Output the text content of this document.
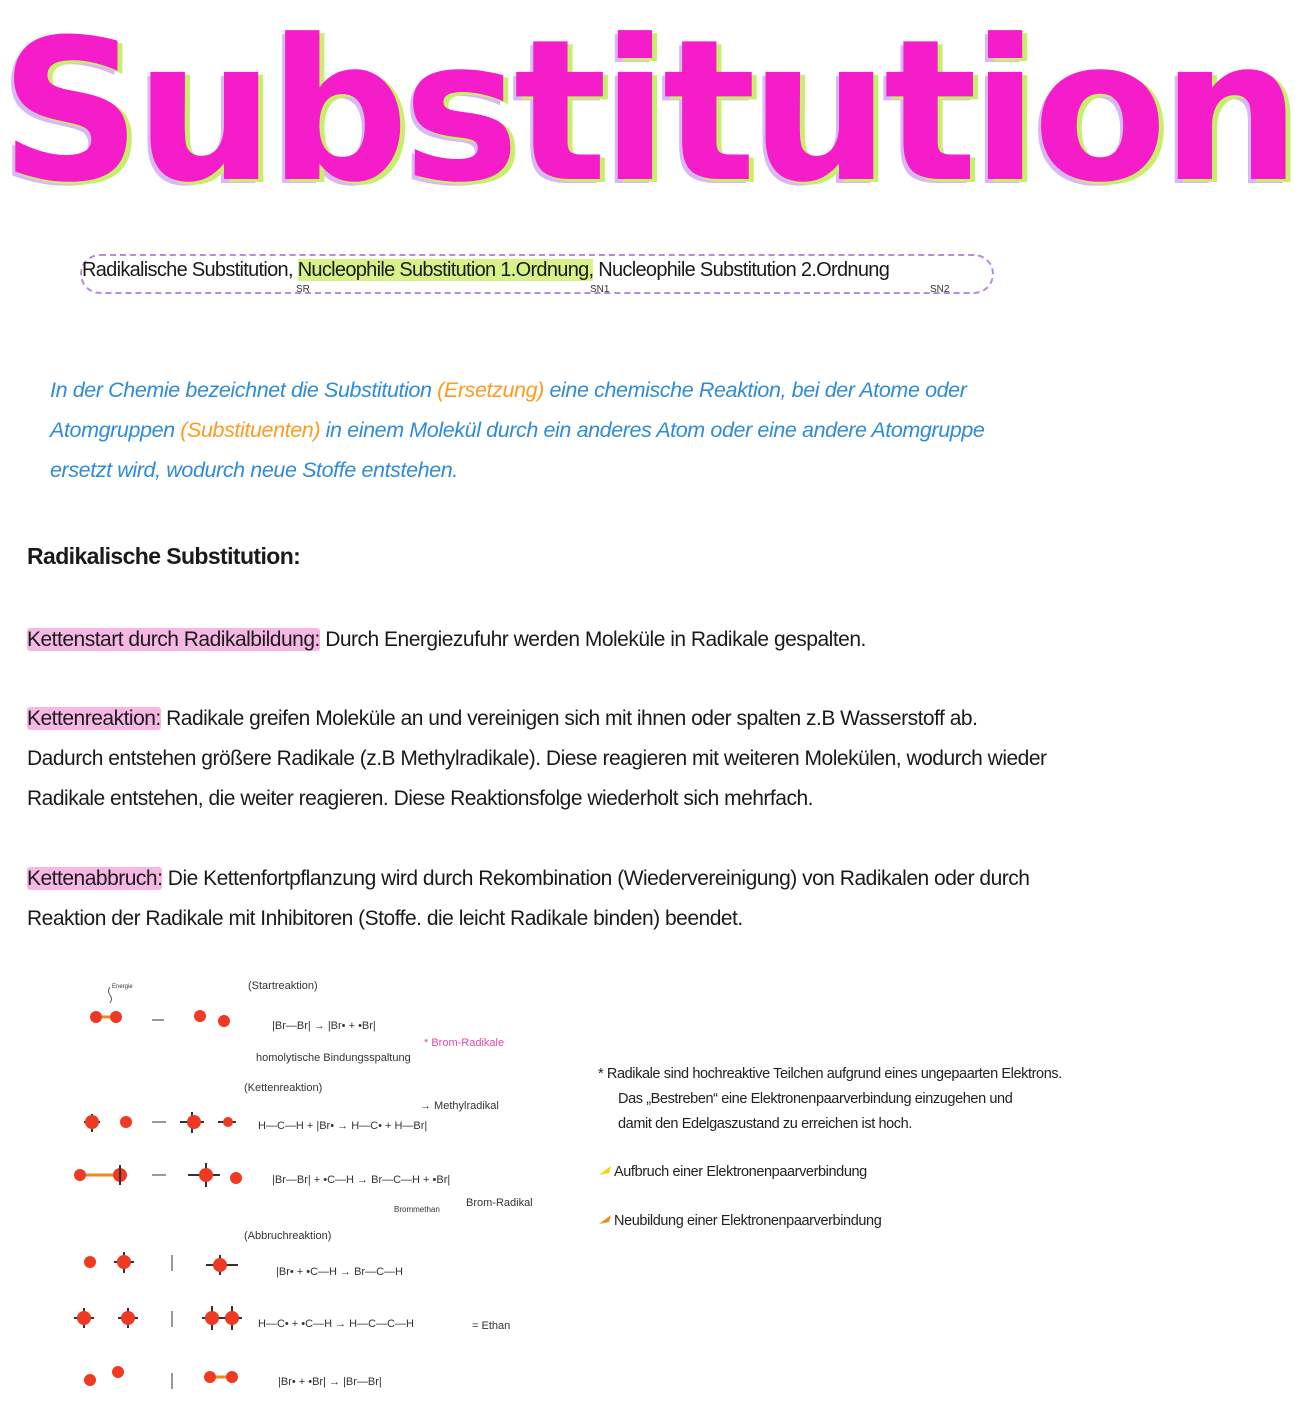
Substitution
Radikalische Substitution, Nucleophile Substitution 1.Ordnung, Nucleophile Substitution 2.Ordnung
SR	SN1	SN2
In der Chemie bezeichnet die Substitution (Ersetzung) eine chemische Reaktion, bei der Atome oder Atomgruppen (Substituenten) in einem Molekül durch ein anderes Atom oder eine andere Atomgruppe ersetzt wird, wodurch neue Stoffe entstehen.
Radikalische Substitution:
Kettenstart durch Radikalbildung: Durch Energiezufuhr werden Moleküle in Radikale gespalten.
Kettenreaktion: Radikale greifen Moleküle an und vereinigen sich mit ihnen oder spalten z.B Wasserstoff ab. Dadurch entstehen größere Radikale (z.B Methylradikale). Diese reagieren mit weiteren Molekülen, wodurch wieder Radikale entstehen, die weiter reagieren. Diese Reaktionsfolge wiederholt sich mehrfach.
Kettenabbruch: Die Kettenfortpflanzung wird durch Rekombination (Wiedervereinigung) von Radikalen oder durch Reaktion der Radikale mit Inhibitoren (Stoffe. die leicht Radikale binden) beendet.
(Startreaktion)
|Br—Br| → |Br• + •Br|
* Brom-Radikale
homolytische Bindungsspaltung
(Kettenreaktion)
→ Methylradikal
H—C—H + |Br• → H—C• + H—Br|
|Br—Br| + •C—H → Br—C—H + •Br|
Brommethan
Brom-Radikal
(Abbruchreaktion)
|Br• + •C—H → Br—C—H
H—C• + •C—H → H—C—C—H	= Ethan
|Br• + •Br| → |Br—Br|
Energie
* Radikale sind hochreaktive Teilchen aufgrund eines ungepaarten Elektrons.
Das „Bestreben“ eine Elektronenpaarverbindung einzugehen und
damit den Edelgaszustand zu erreichen ist hoch.
Aufbruch einer Elektronenpaarverbindung
Neubildung einer Elektronenpaarverbindung
